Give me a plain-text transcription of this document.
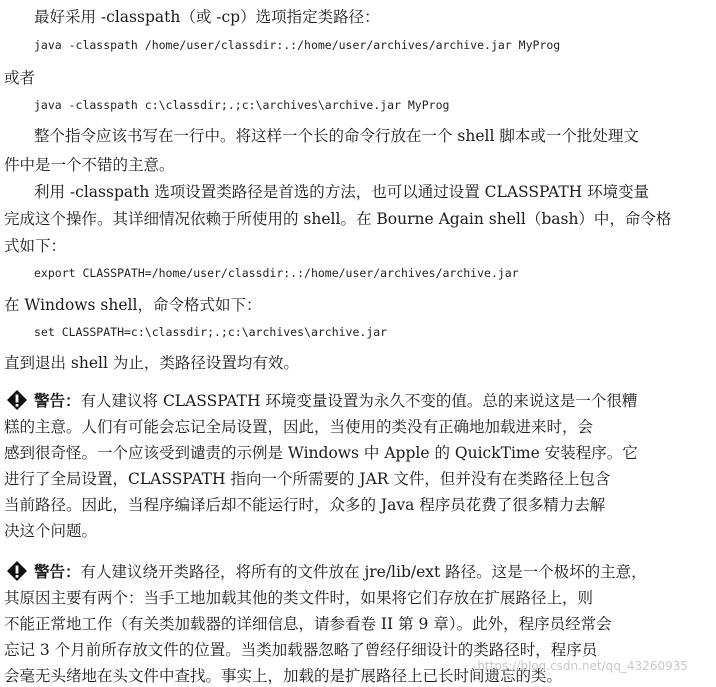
最好采用 -classpath（或 -cp）选项指定类路径：
java -classpath /home/user/classdir:.:/home/user/archives/archive.jar MyProg
或者
java -classpath c:\classdir;.;c:\archives\archive.jar MyProg
整个指令应该书写在一行中。将这样一个长的命令行放在一个 shell 脚本或一个批处理文
件中是一个不错的主意。
利用 -classpath 选项设置类路径是首选的方法，也可以通过设置 CLASSPATH 环境变量
完成这个操作。其详细情况依赖于所使用的 shell。在 Bourne Again shell（bash）中，命令格
式如下：
export CLASSPATH=/home/user/classdir:.:/home/user/archives/archive.jar
在 Windows shell，命令格式如下：
set CLASSPATH=c:\classdir;.;c:\archives\archive.jar
直到退出 shell 为止，类路径设置均有效。
警告：有人建议将 CLASSPATH 环境变量设置为永久不变的值。总的来说这是一个很糟
糕的主意。人们有可能会忘记全局设置，因此，当使用的类没有正确地加载进来时，会
感到很奇怪。一个应该受到谴责的示例是 Windows 中 Apple 的 QuickTime 安装程序。它
进行了全局设置，CLASSPATH 指向一个所需要的 JAR 文件，但并没有在类路径上包含
当前路径。因此，当程序编译后却不能运行时，众多的 Java 程序员花费了很多精力去解
决这个问题。
警告：有人建议绕开类路径，将所有的文件放在 jre/lib/ext 路径。这是一个极坏的主意，
其原因主要有两个：当手工地加载其他的类文件时，如果将它们存放在扩展路径上，则
不能正常地工作（有关类加载器的详细信息，请参看卷 II 第 9 章）。此外，程序员经常会
忘记 3 个月前所存放文件的位置。当类加载器忽略了曾经仔细设计的类路径时，程序员
会毫无头绪地在头文件中查找。事实上，加载的是扩展路径上已长时间遗忘的类。
https://blog.csdn.net/qq_43260935
